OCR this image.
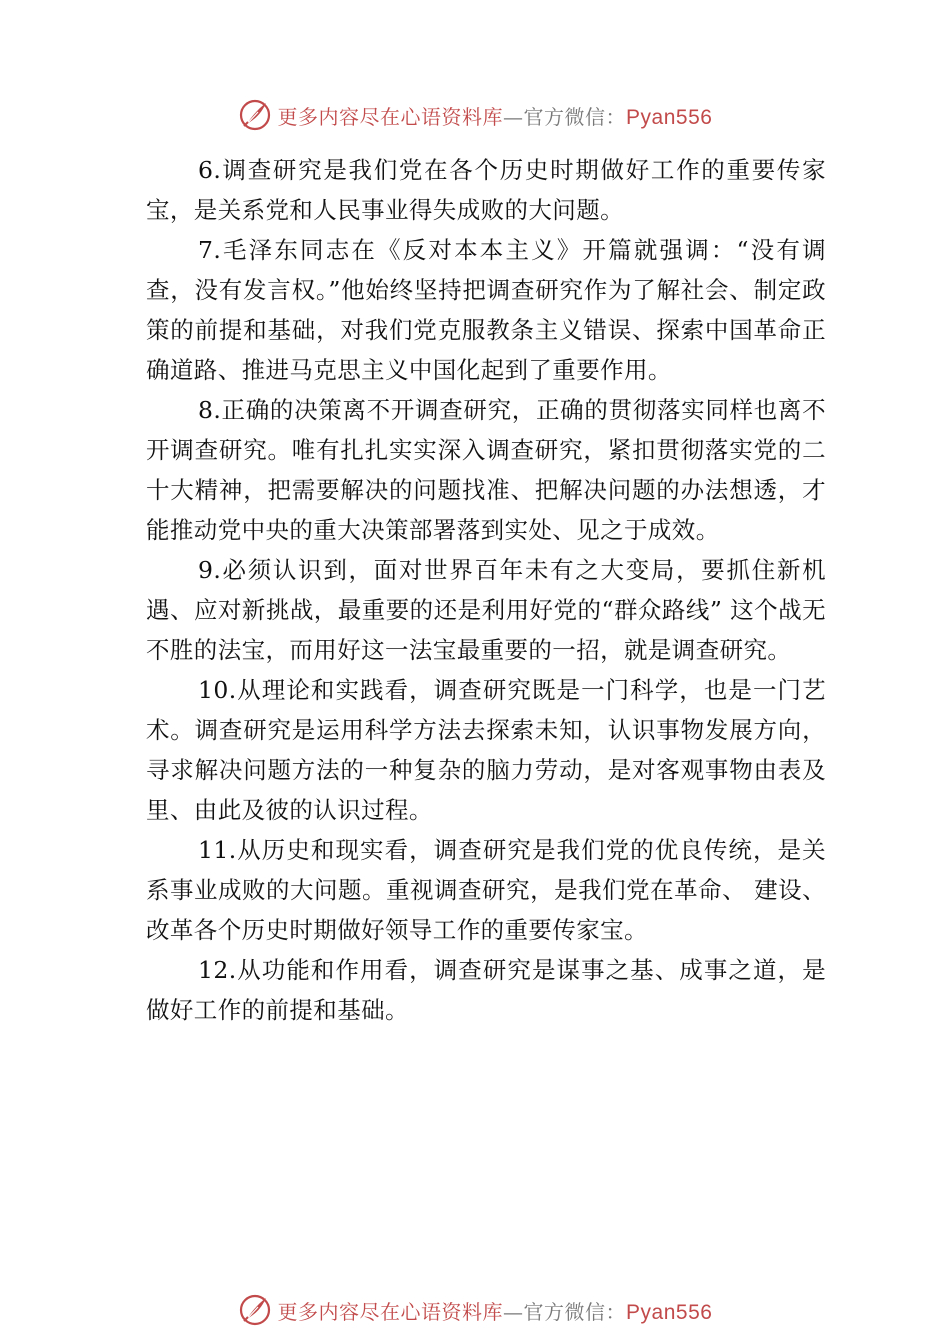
更多内容尽在心语资料库—官方微信：Pyan556

6.调查研究是我们党在各个历史时期做好工作的重要传家宝，是关系党和人民事业得失成败的大问题。

7.毛泽东同志在《反对本本主义》开篇就强调：“没有调查，没有发言权。”他始终坚持把调查研究作为了解社会、制定政策的前提和基础，对我们党克服教条主义错误、探索中国革命正确道路、推进马克思主义中国化起到了重要作用。

8.正确的决策离不开调查研究，正确的贯彻落实同样也离不开调查研究。唯有扎扎实实深入调查研究，紧扣贯彻落实党的二十大精神，把需要解决的问题找准、把解决问题的办法想透，才能推动党中央的重大决策部署落到实处、见之于成效。

9.必须认识到，面对世界百年未有之大变局，要抓住新机遇、应对新挑战，最重要的还是利用好党的“群众路线” 这个战无不胜的法宝，而用好这一法宝最重要的一招，就是调查研究。

10.从理论和实践看，调查研究既是一门科学，也是一门艺术。调查研究是运用科学方法去探索未知，认识事物发展方向，寻求解决问题方法的一种复杂的脑力劳动，是对客观事物由表及里、由此及彼的认识过程。

11.从历史和现实看，调查研究是我们党的优良传统，是关系事业成败的大问题。重视调查研究，是我们党在革命、 建设、改革各个历史时期做好领导工作的重要传家宝。

12.从功能和作用看，调查研究是谋事之基、成事之道，是做好工作的前提和基础。

更多内容尽在心语资料库—官方微信：Pyan556
